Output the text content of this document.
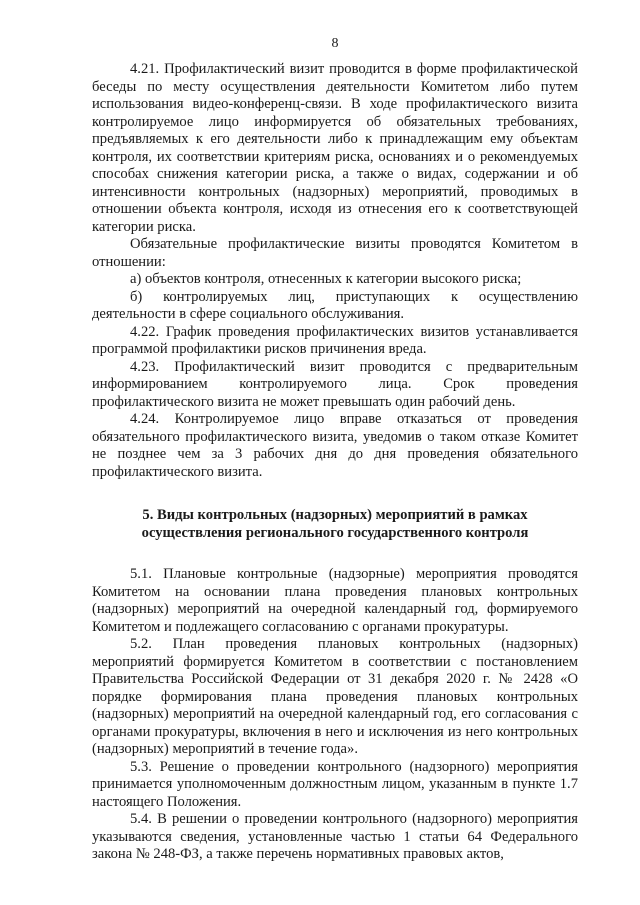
8

4.21. Профилактический визит проводится в форме профилактической беседы по месту осуществления деятельности Комитетом либо путем использования видео-конференц-связи. В ходе профилактического визита контролируемое лицо информируется об обязательных требованиях, предъявляемых к его деятельности либо к принадлежащим ему объектам контроля, их соответствии критериям риска, основаниях и о рекомендуемых способах снижения категории риска, а также о видах, содержании и об интенсивности контрольных (надзорных) мероприятий, проводимых в отношении объекта контроля, исходя из отнесения его к соответствующей категории риска.

Обязательные профилактические визиты проводятся Комитетом в отношении:

а) объектов контроля, отнесенных к категории высокого риска;

б) контролируемых лиц, приступающих к осуществлению деятельности в сфере социального обслуживания.

4.22. График проведения профилактических визитов устанавливается программой профилактики рисков причинения вреда.

4.23. Профилактический визит проводится с предварительным информированием контролируемого лица. Срок проведения профилактического визита не может превышать один рабочий день.

4.24. Контролируемое лицо вправе отказаться от проведения обязательного профилактического визита, уведомив о таком отказе Комитет не позднее чем за 3 рабочих дня до дня проведения обязательного профилактического визита.

5. Виды контрольных (надзорных) мероприятий в рамках осуществления регионального государственного контроля

5.1. Плановые контрольные (надзорные) мероприятия проводятся Комитетом на основании плана проведения плановых контрольных (надзорных) мероприятий на очередной календарный год, формируемого Комитетом и подлежащего согласованию с органами прокуратуры.

5.2. План проведения плановых контрольных (надзорных) мероприятий формируется Комитетом в соответствии с постановлением Правительства Российской Федерации от 31 декабря 2020 г. № 2428 «О порядке формирования плана проведения плановых контрольных (надзорных) мероприятий на очередной календарный год, его согласования с органами прокуратуры, включения в него и исключения из него контрольных (надзорных) мероприятий в течение года».

5.3. Решение о проведении контрольного (надзорного) мероприятия принимается уполномоченным должностным лицом, указанным в пункте 1.7 настоящего Положения.

5.4. В решении о проведении контрольного (надзорного) мероприятия указываются сведения, установленные частью 1 статьи 64 Федерального закона № 248-ФЗ, а также перечень нормативных правовых актов,
